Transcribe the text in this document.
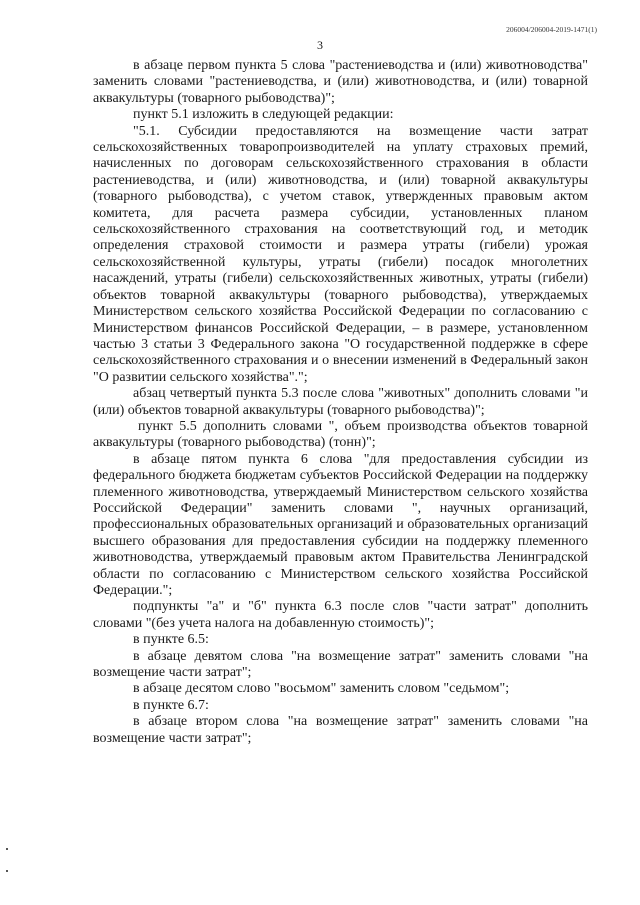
206004/206004-2019-1471(1)
3

в абзаце первом пункта 5 слова "растениеводства и (или) животноводства" заменить словами "растениеводства, и (или) животноводства, и (или) товарной аквакультуры (товарного рыбоводства)";

пункт 5.1 изложить в следующей редакции:

"5.1. Субсидии предоставляются на возмещение части затрат сельскохозяйственных товаропроизводителей на уплату страховых премий, начисленных по договорам сельскохозяйственного страхования в области растениеводства, и (или) животноводства, и (или) товарной аквакультуры (товарного рыбоводства), с учетом ставок, утвержденных правовым актом комитета, для расчета размера субсидии, установленных планом сельскохозяйственного страхования на соответствующий год, и методик определения страховой стоимости и размера утраты (гибели) урожая сельскохозяйственной культуры, утраты (гибели) посадок многолетних насаждений, утраты (гибели) сельскохозяйственных животных, утраты (гибели) объектов товарной аквакультуры (товарного рыбоводства), утверждаемых Министерством сельского хозяйства Российской Федерации по согласованию с Министерством финансов Российской Федерации, – в размере, установленном частью 3 статьи 3 Федерального закона "О государственной поддержке в сфере сельскохозяйственного страхования и о внесении изменений в Федеральный закон "О развитии сельского хозяйства".";

абзац четвертый пункта 5.3 после слова "животных" дополнить словами "и (или) объектов товарной аквакультуры (товарного рыбоводства)";

пункт 5.5 дополнить словами ", объем производства объектов товарной аквакультуры (товарного рыбоводства) (тонн)";

в абзаце пятом пункта 6 слова "для предоставления субсидии из федерального бюджета бюджетам субъектов Российской Федерации на поддержку племенного животноводства, утверждаемый Министерством сельского хозяйства Российской Федерации" заменить словами ", научных организаций, профессиональных образовательных организаций и образовательных организаций высшего образования для предоставления субсидии на поддержку племенного животноводства, утверждаемый правовым актом Правительства Ленинградской области по согласованию с Министерством сельского хозяйства Российской Федерации.";

подпункты "а" и "б" пункта 6.3 после слов "части затрат" дополнить словами "(без учета налога на добавленную стоимость)";

в пункте 6.5:

в абзаце девятом слова "на возмещение затрат" заменить словами "на возмещение части затрат";

в абзаце десятом слово "восьмом" заменить словом "седьмом";

в пункте 6.7:

в абзаце втором слова "на возмещение затрат" заменить словами "на возмещение части затрат";
